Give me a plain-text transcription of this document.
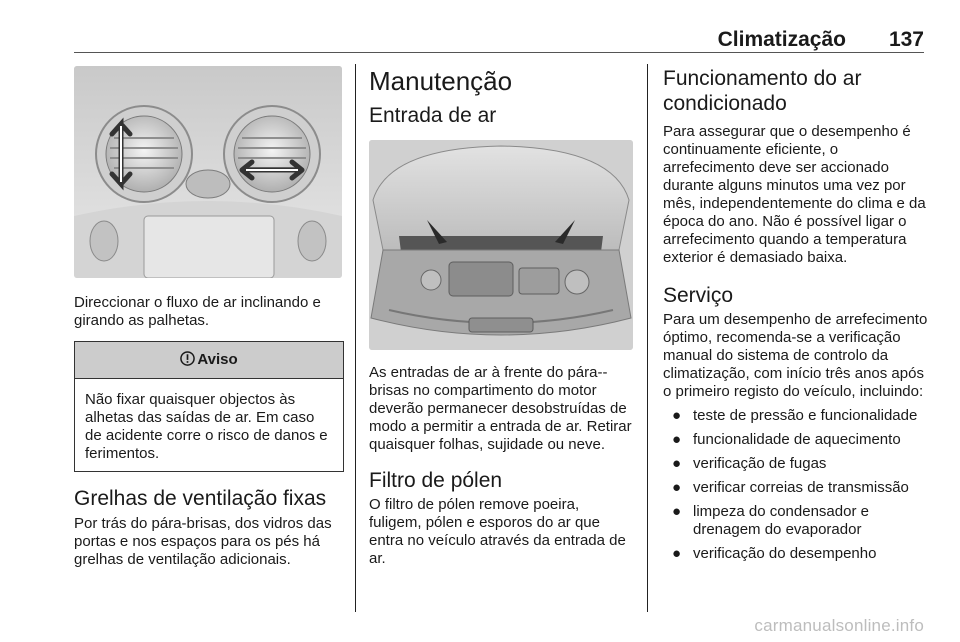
Climatização 137

Direccionar o fluxo de ar inclinando e girando as palhetas.

Aviso
Não fixar quaisquer objectos às alhetas das saídas de ar. Em caso de acidente corre o risco de danos e ferimentos.
Grelhas de ventilação fixas

Por trás do pára-brisas, dos vidros das portas e nos espaços para os pés há grelhas de ventilação adicionais.

Manutenção
Entrada de ar

As entradas de ar à frente do pára--brisas no compartimento do motor deverão permanecer desobstruídas de modo a permitir a entrada de ar. Retirar quaisquer folhas, sujidade ou neve.

Filtro de pólen

O filtro de pólen remove poeira, fuligem, pólen e esporos do ar que entra no veículo através da entrada de ar.

Funcionamento do ar condicionado

Para assegurar que o desempenho é continuamente eficiente, o arrefecimento deve ser accionado durante alguns minutos uma vez por mês, independentemente do clima e da época do ano. Não é possível ligar o arrefecimento quando a temperatura exterior é demasiado baixa.

Serviço

Para um desempenho de arrefecimento óptimo, recomenda-se a verificação manual do sistema de controlo da climatização, com início três anos após o primeiro registo do veículo, incluindo:

● teste de pressão e funcionalidade
● funcionalidade de aquecimento
● verificação de fugas
● verificar correias de transmissão
● limpeza do condensador e drenagem do evaporador
● verificação do desempenho
carmanualsonline.info
